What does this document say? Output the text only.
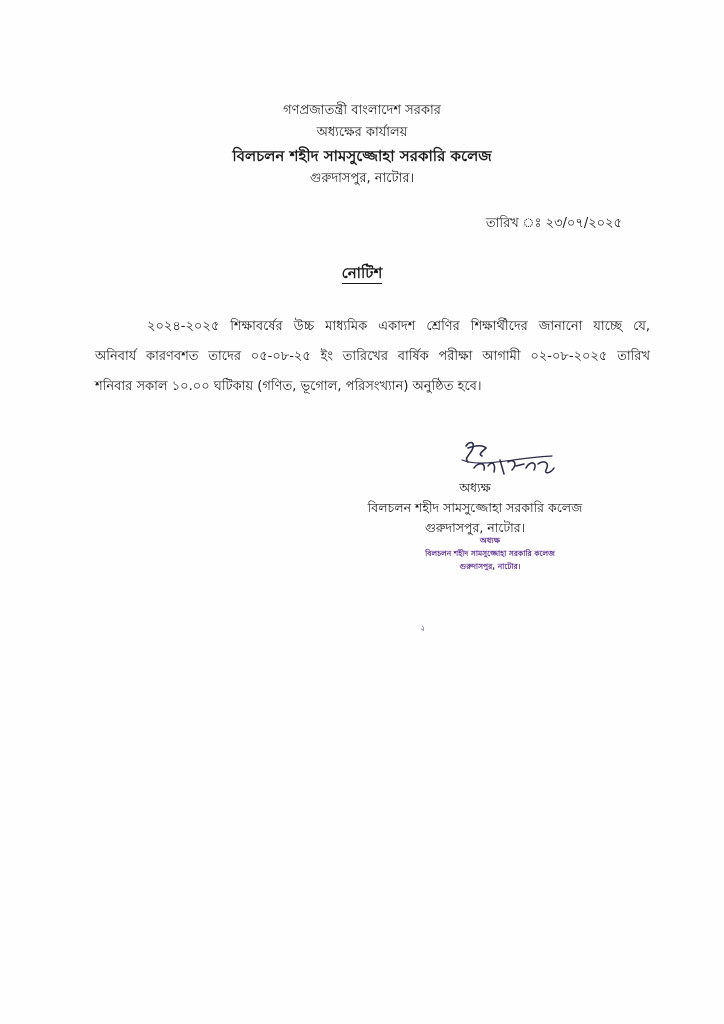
গণপ্রজাতন্ত্রী বাংলাদেশ সরকার
অধ্যক্ষের কার্যালয়
বিলচলন শহীদ সামসুজ্জোহা সরকারি কলেজ
গুরুদাসপুর, নাটোর।
তারিখ ঃ ২৩/০৭/২০২৫
নোটিশ
২০২৪-২০২৫ শিক্ষাবর্ষের উচ্চ মাধ্যমিক একাদশ শ্রেণির শিক্ষার্থীদের জানানো যাচ্ছে যে,
অনিবার্য কারণবশত তাদের ০৫-০৮-২৫ ইং তারিখের বার্ষিক পরীক্ষা আগামী ০২-০৮-২০২৫ তারিখ
শনিবার সকাল ১০.০০ ঘটিকায় (গণিত, ভূগোল, পরিসংখ্যান) অনুষ্ঠিত হবে।
অধ্যক্ষ
বিলচলন শহীদ সামসুজ্জোহা সরকারি কলেজ
গুরুদাসপুর, নাটোর।
অধ্যক্ষ
বিলচলন শহীদ সামসুজ্জোহা সরকারি কলেজ
গুরুদাসপুর, নাটোর।
